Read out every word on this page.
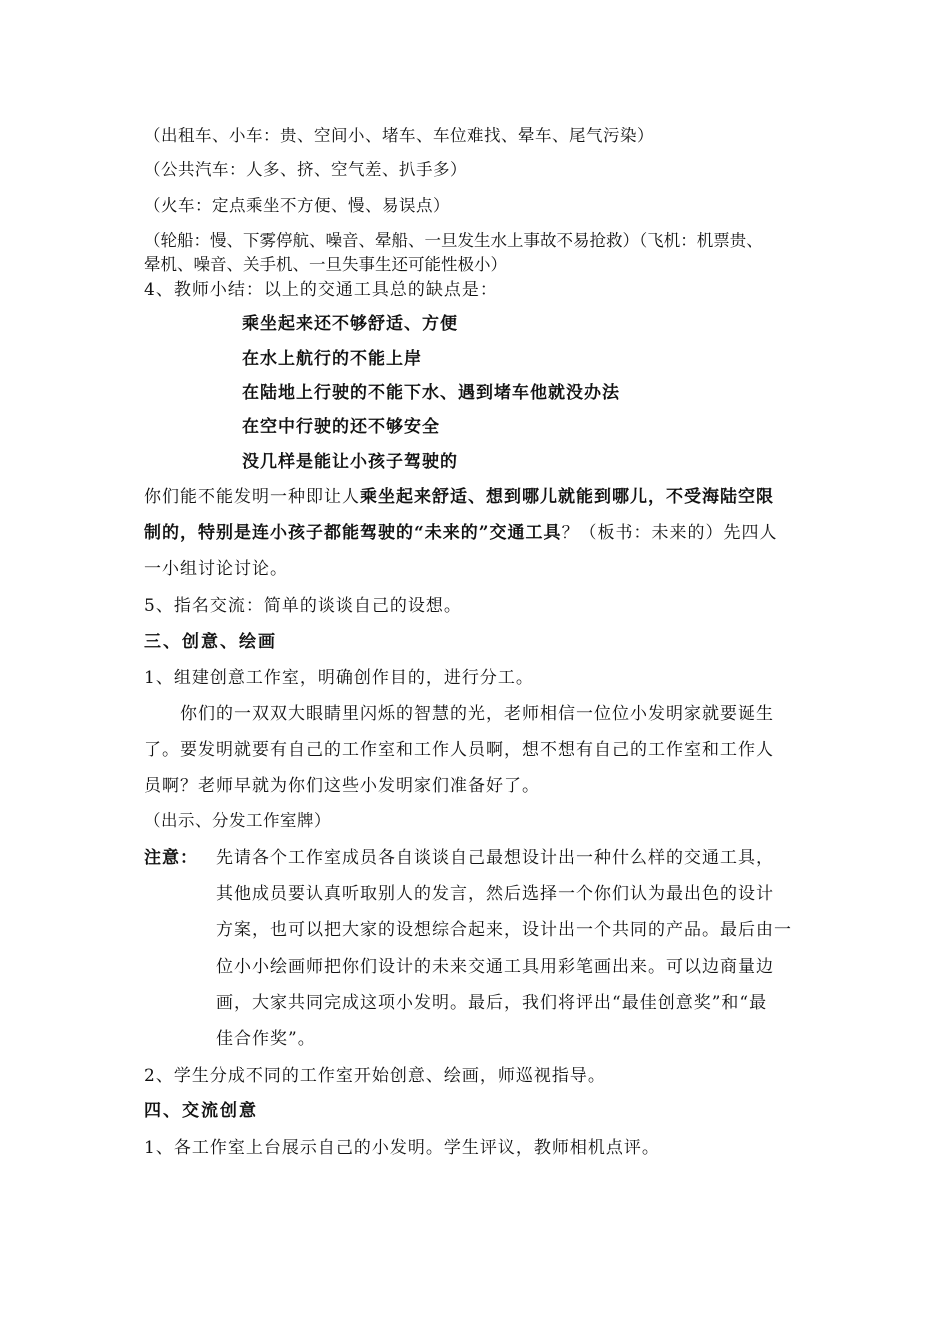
（出租车、小车：贵、空间小、堵车、车位难找、晕车、尾气污染）
（公共汽车：人多、挤、空气差、扒手多）
（火车：定点乘坐不方便、慢、易误点）
（轮船：慢、下雾停航、噪音、晕船、一旦发生水上事故不易抢救）（飞机：机票贵、
晕机、噪音、关手机、一旦失事生还可能性极小）
4、教师小结：以上的交通工具总的缺点是：
乘坐起来还不够舒适、方便
在水上航行的不能上岸
在陆地上行驶的不能下水、遇到堵车他就没办法
在空中行驶的还不够安全
没几样是能让小孩子驾驶的
你们能不能发明一种即让人乘坐起来舒适、想到哪儿就能到哪儿，不受海陆空限
制的，特别是连小孩子都能驾驶的“未来的”交通工具？（板书：未来的）先四人
一小组讨论讨论。
5、指名交流：简单的谈谈自己的设想。
三、创意、绘画
1、组建创意工作室，明确创作目的，进行分工。
你们的一双双大眼睛里闪烁的智慧的光，老师相信一位位小发明家就要诞生
了。要发明就要有自己的工作室和工作人员啊，想不想有自己的工作室和工作人
员啊？老师早就为你们这些小发明家们准备好了。
（出示、分发工作室牌）
注意： 先请各个工作室成员各自谈谈自己最想设计出一种什么样的交通工具，
其他成员要认真听取别人的发言，然后选择一个你们认为最出色的设计
方案，也可以把大家的设想综合起来，设计出一个共同的产品。最后由一
位小小绘画师把你们设计的未来交通工具用彩笔画出来。可以边商量边
画，大家共同完成这项小发明。最后，我们将评出“最佳创意奖”和“最
佳合作奖”。
2、学生分成不同的工作室开始创意、绘画，师巡视指导。
四、交流创意
1、各工作室上台展示自己的小发明。学生评议，教师相机点评。
